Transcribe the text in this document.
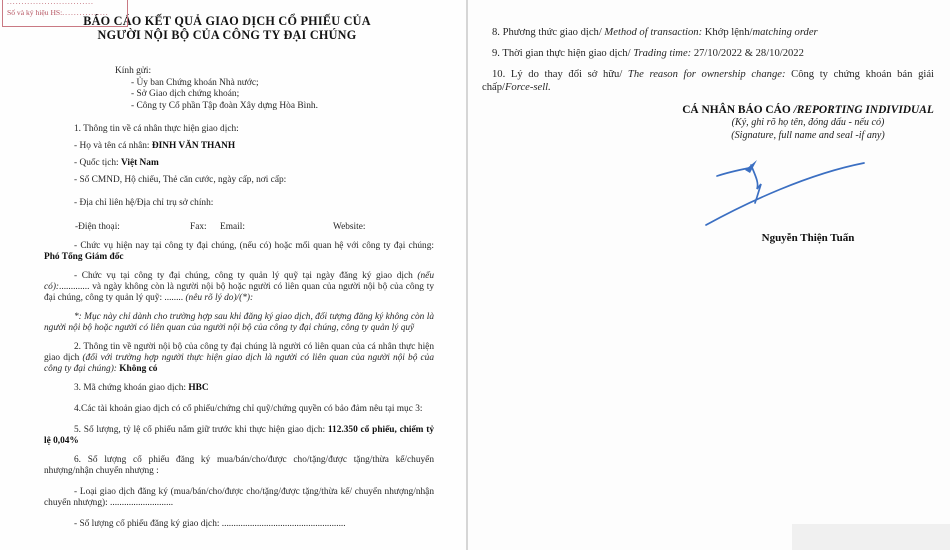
..............................
Số và ký hiệu HS:................
BÁO CÁO KẾT QUẢ GIAO DỊCH CỔ PHIẾU CỦA
NGƯỜI NỘI BỘ CỦA CÔNG TY ĐẠI CHÚNG
Kính gửi:
- Ủy ban Chứng khoán Nhà nước;
- Sở Giao dịch chứng khoán;
- Công ty Cổ phần Tập đoàn Xây dựng Hòa Bình.

1. Thông tin về cá nhân thực hiện giao dịch:

- Họ và tên cá nhân: ĐINH VĂN THANH

- Quốc tịch: Việt Nam

- Số CMND, Hộ chiếu, Thẻ căn cước, ngày cấp, nơi cấp:

- Địa chỉ liên hệ/Địa chỉ trụ sở chính:

-Điện thoại:	Fax: Email:	Website:

- Chức vụ hiện nay tại công ty đại chúng, (nếu có) hoặc mối quan hệ với công ty đại chúng: Phó Tổng Giám đốc

- Chức vụ tại công ty đại chúng, công ty quản lý quỹ tại ngày đăng ký giao dịch (nếu có):............. và ngày không còn là người nội bộ hoặc người có liên quan của người nội bộ của công ty đại chúng, công ty quản lý quỹ: ........ (nêu rõ lý do)/(*):

*: Mục này chỉ dành cho trường hợp sau khi đăng ký giao dịch, đối tượng đăng ký không còn là người nội bộ hoặc người có liên quan của người nội bộ của công ty đại chúng, công ty quản lý quỹ

2. Thông tin về người nội bộ của công ty đại chúng là người có liên quan của cá nhân thực hiện giao dịch (đối với trường hợp người thực hiện giao dịch là người có liên quan của người nội bộ của công ty đại chúng): Không có

3. Mã chứng khoán giao dịch: HBC

4.Các tài khoản giao dịch có cổ phiếu/chứng chỉ quỹ/chứng quyền có bảo đảm nêu tại mục 3:

5. Số lượng, tỷ lệ cổ phiếu nắm giữ trước khi thực hiện giao dịch: 112.350 cổ phiếu, chiếm tỷ lệ 0,04%

6. Số lượng cổ phiếu đăng ký mua/bán/cho/được cho/tặng/được tặng/thừa kế/chuyển nhượng/nhận chuyển nhượng :

- Loại giao dịch đăng ký (mua/bán/cho/được cho/tặng/được tặng/thừa kế/ chuyển nhượng/nhận chuyển nhượng): ...........................

- Số lượng cổ phiếu đăng ký giao dịch: .....................................................

8. Phương thức giao dịch/ Method of transaction: Khớp lệnh/matching order

9. Thời gian thực hiện giao dịch/ Trading time: 27/10/2022 & 28/10/2022

10. Lý do thay đổi sở hữu/ The reason for ownership change: Công ty chứng khoán bán giải chấp/Force-sell.

CÁ NHÂN BÁO CÁO /REPORTING INDIVIDUAL
(Ký, ghi rõ họ tên, đóng dấu - nếu có)
(Signature, full name and seal -if any)
Nguyễn Thiện Tuấn
